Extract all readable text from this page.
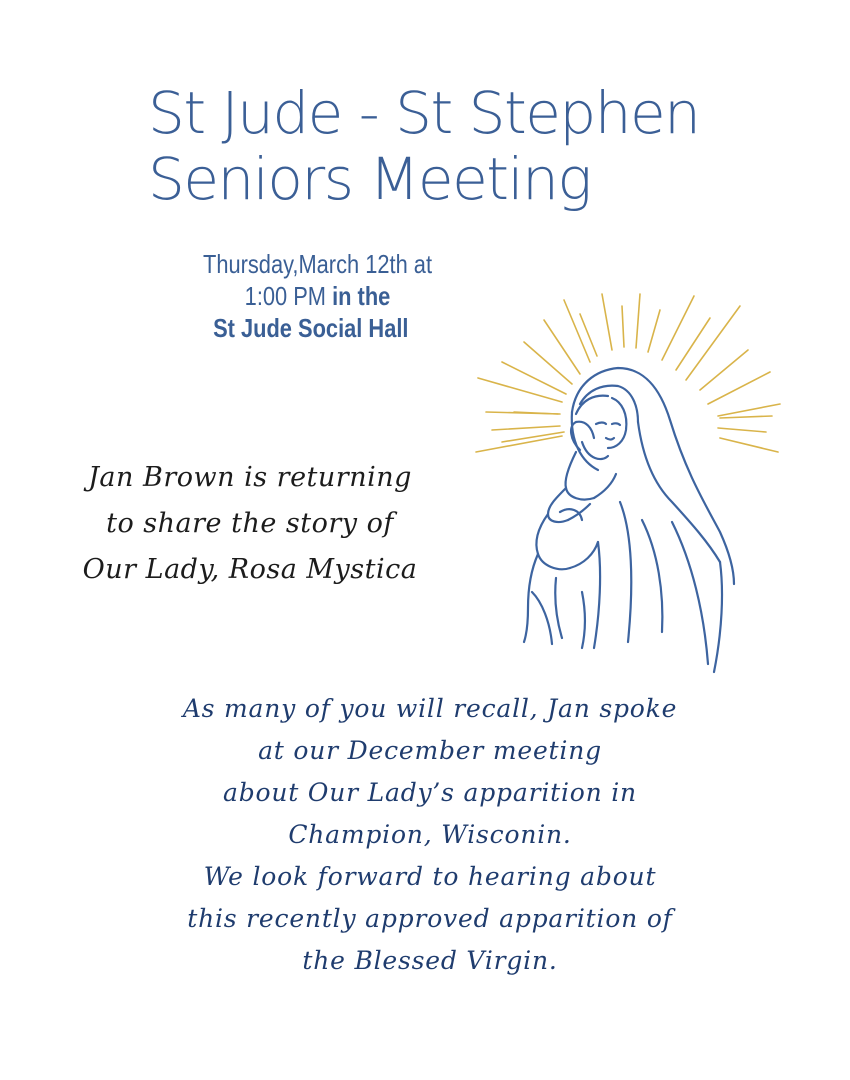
St Jude - St Stephen
Seniors Meeting
Thursday,March 12th at
1:00 PM in the
St Jude Social Hall
Jan Brown is returning
to share the story of
Our Lady, Rosa Mystica
As many of you will recall, Jan spoke
at our December meeting
about Our Lady’s apparition in
Champion, Wisconin.
We look forward to hearing about
this recently approved apparition of
the Blessed Virgin.
